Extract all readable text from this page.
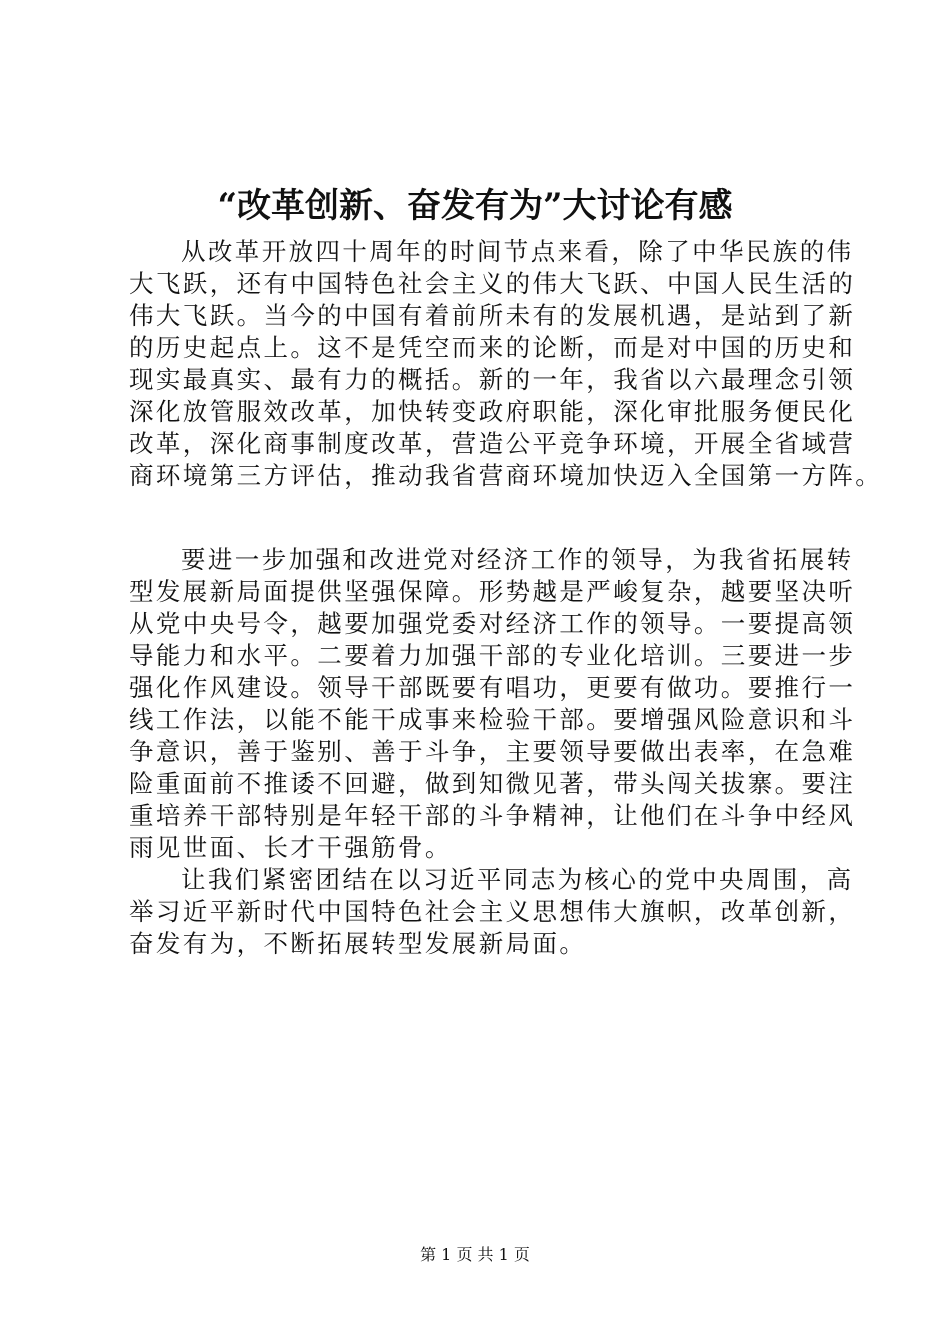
“改革创新、奋发有为”大讨论有感
从改革开放四十周年的时间节点来看，除了中华民族的伟
大飞跃，还有中国特色社会主义的伟大飞跃、中国人民生活的
伟大飞跃。当今的中国有着前所未有的发展机遇，是站到了新
的历史起点上。这不是凭空而来的论断，而是对中国的历史和
现实最真实、最有力的概括。新的一年，我省以六最理念引领
深化放管服效改革，加快转变政府职能，深化审批服务便民化
改革，深化商事制度改革，营造公平竞争环境，开展全省域营
商环境第三方评估，推动我省营商环境加快迈入全国第一方阵。
要进一步加强和改进党对经济工作的领导，为我省拓展转
型发展新局面提供坚强保障。形势越是严峻复杂，越要坚决听
从党中央号令，越要加强党委对经济工作的领导。一要提高领
导能力和水平。二要着力加强干部的专业化培训。三要进一步
强化作风建设。领导干部既要有唱功，更要有做功。要推行一
线工作法，以能不能干成事来检验干部。要增强风险意识和斗
争意识，善于鉴别、善于斗争，主要领导要做出表率，在急难
险重面前不推诿不回避，做到知微见著，带头闯关拔寨。要注
重培养干部特别是年轻干部的斗争精神，让他们在斗争中经风
雨见世面、长才干强筋骨。
让我们紧密团结在以习近平同志为核心的党中央周围，高
举习近平新时代中国特色社会主义思想伟大旗帜，改革创新，
奋发有为，不断拓展转型发展新局面。
第 1 页 共 1 页
